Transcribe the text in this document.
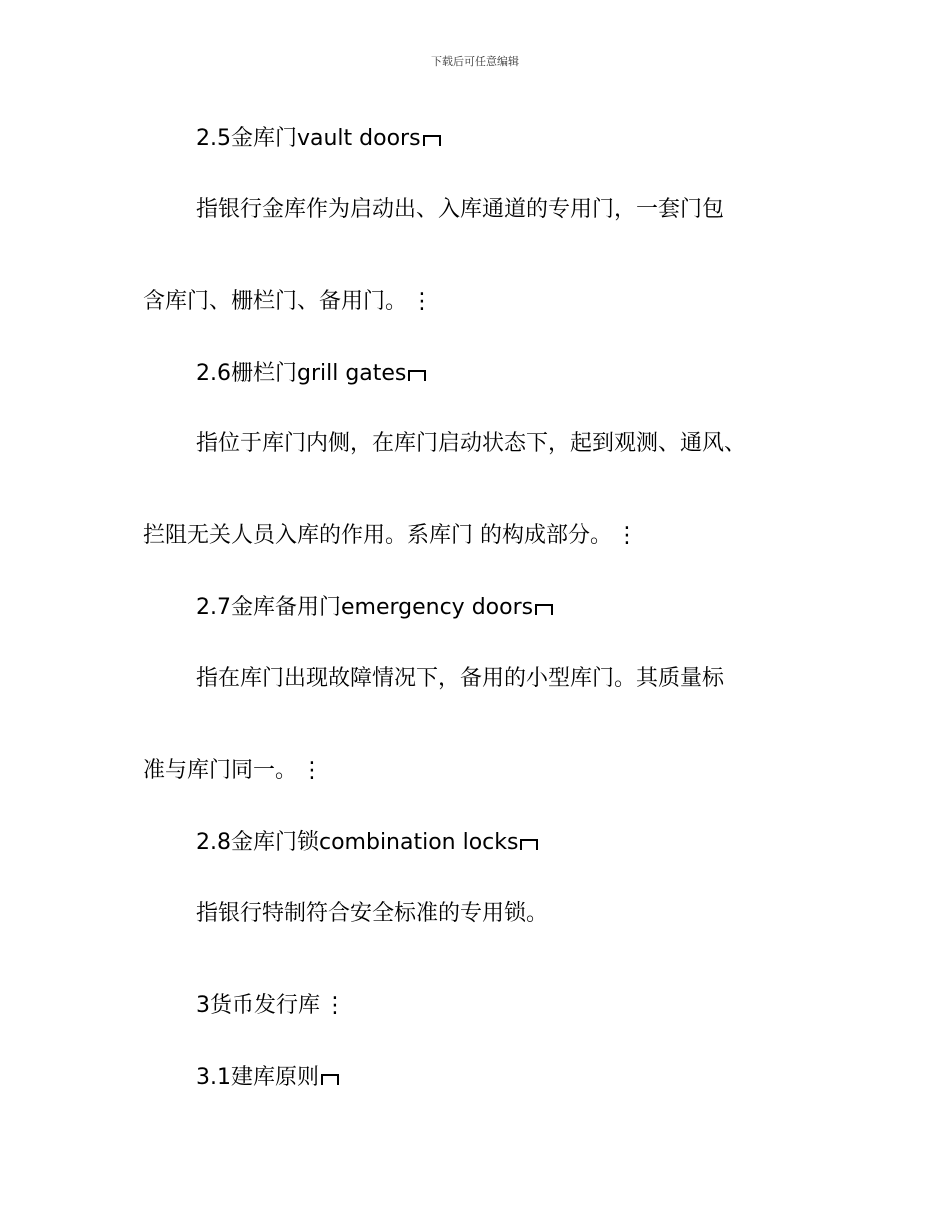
下载后可任意编辑
2.5金库门vault doors
指银行金库作为启动出、入库通道的专用门，一套门包
含库门、栅栏门、备用门。 ⋮
2.6栅栏门grill gates
指位于库门内侧，在库门启动状态下，起到观测、通风、
拦阻无关人员入库的作用。系库门 的构成部分。 ⋮
2.7金库备用门emergency doors
指在库门出现故障情况下，备用的小型库门。其质量标
准与库门同一。 ⋮
2.8金库门锁combination locks
指银行特制符合安全标准的专用锁。
3货币发行库 ⋮
3.1建库原则
